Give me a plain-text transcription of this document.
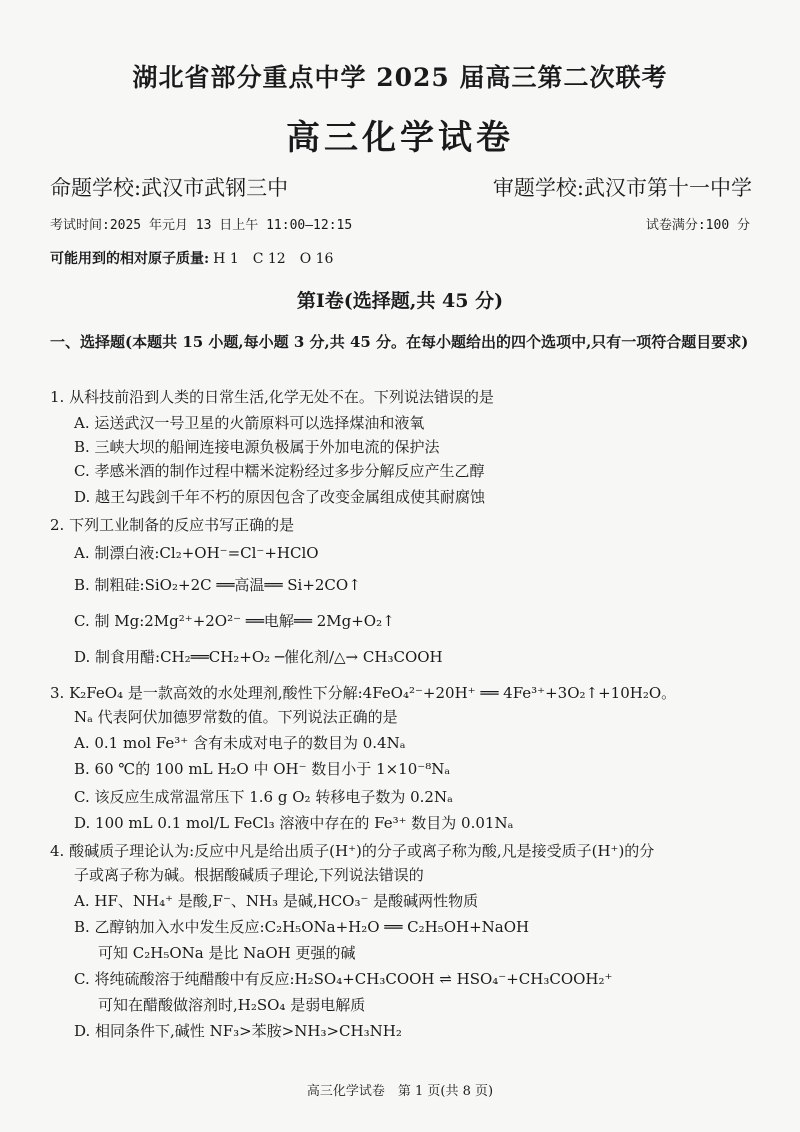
湖北省部分重点中学 2025 届高三第二次联考
高三化学试卷
命题学校:武汉市武钢三中	审题学校:武汉市第十一中学
考试时间:2025 年元月 13 日上午 11:00—12:15	试卷满分:100 分
可能用到的相对原子质量: H 1　C 12　O 16
第Ⅰ卷(选择题,共 45 分)
一、选择题(本题共 15 小题,每小题 3 分,共 45 分。在每小题给出的四个选项中,只有一项符合题目要求)
1. 从科技前沿到人类的日常生活,化学无处不在。下列说法错误的是
A. 运送武汉一号卫星的火箭原料可以选择煤油和液氧
B. 三峡大坝的船闸连接电源负极属于外加电流的保护法
C. 孝感米酒的制作过程中糯米淀粉经过多步分解反应产生乙醇
D. 越王勾践剑千年不朽的原因包含了改变金属组成使其耐腐蚀
2. 下列工业制备的反应书写正确的是
A. 制漂白液:Cl₂+OH⁻=Cl⁻+HClO
B. 制粗硅:SiO₂+2C ══高温══ Si+2CO↑
C. 制 Mg:2Mg²⁺+2O²⁻ ══电解══ 2Mg+O₂↑
D. 制食用醋:CH₂══CH₂+O₂ ─催化剂/△→ CH₃COOH
3. K₂FeO₄ 是一款高效的水处理剂,酸性下分解:4FeO₄²⁻+20H⁺ ══ 4Fe³⁺+3O₂↑+10H₂O。
Nₐ 代表阿伏加德罗常数的值。下列说法正确的是
A. 0.1 mol Fe³⁺ 含有未成对电子的数目为 0.4Nₐ
B. 60 ℃的 100 mL H₂O 中 OH⁻ 数目小于 1×10⁻⁸Nₐ
C. 该反应生成常温常压下 1.6 g O₂ 转移电子数为 0.2Nₐ
D. 100 mL 0.1 mol/L FeCl₃ 溶液中存在的 Fe³⁺ 数目为 0.01Nₐ
4. 酸碱质子理论认为:反应中凡是给出质子(H⁺)的分子或离子称为酸,凡是接受质子(H⁺)的分
子或离子称为碱。根据酸碱质子理论,下列说法错误的
A. HF、NH₄⁺ 是酸,F⁻、NH₃ 是碱,HCO₃⁻ 是酸碱两性物质
B. 乙醇钠加入水中发生反应:C₂H₅ONa+H₂O ══ C₂H₅OH+NaOH
可知 C₂H₅ONa 是比 NaOH 更强的碱
C. 将纯硫酸溶于纯醋酸中有反应:H₂SO₄+CH₃COOH ⇌ HSO₄⁻+CH₃COOH₂⁺
可知在醋酸做溶剂时,H₂SO₄ 是弱电解质
D. 相同条件下,碱性 NF₃>苯胺>NH₃>CH₃NH₂
高三化学试卷　第 1 页(共 8 页)
